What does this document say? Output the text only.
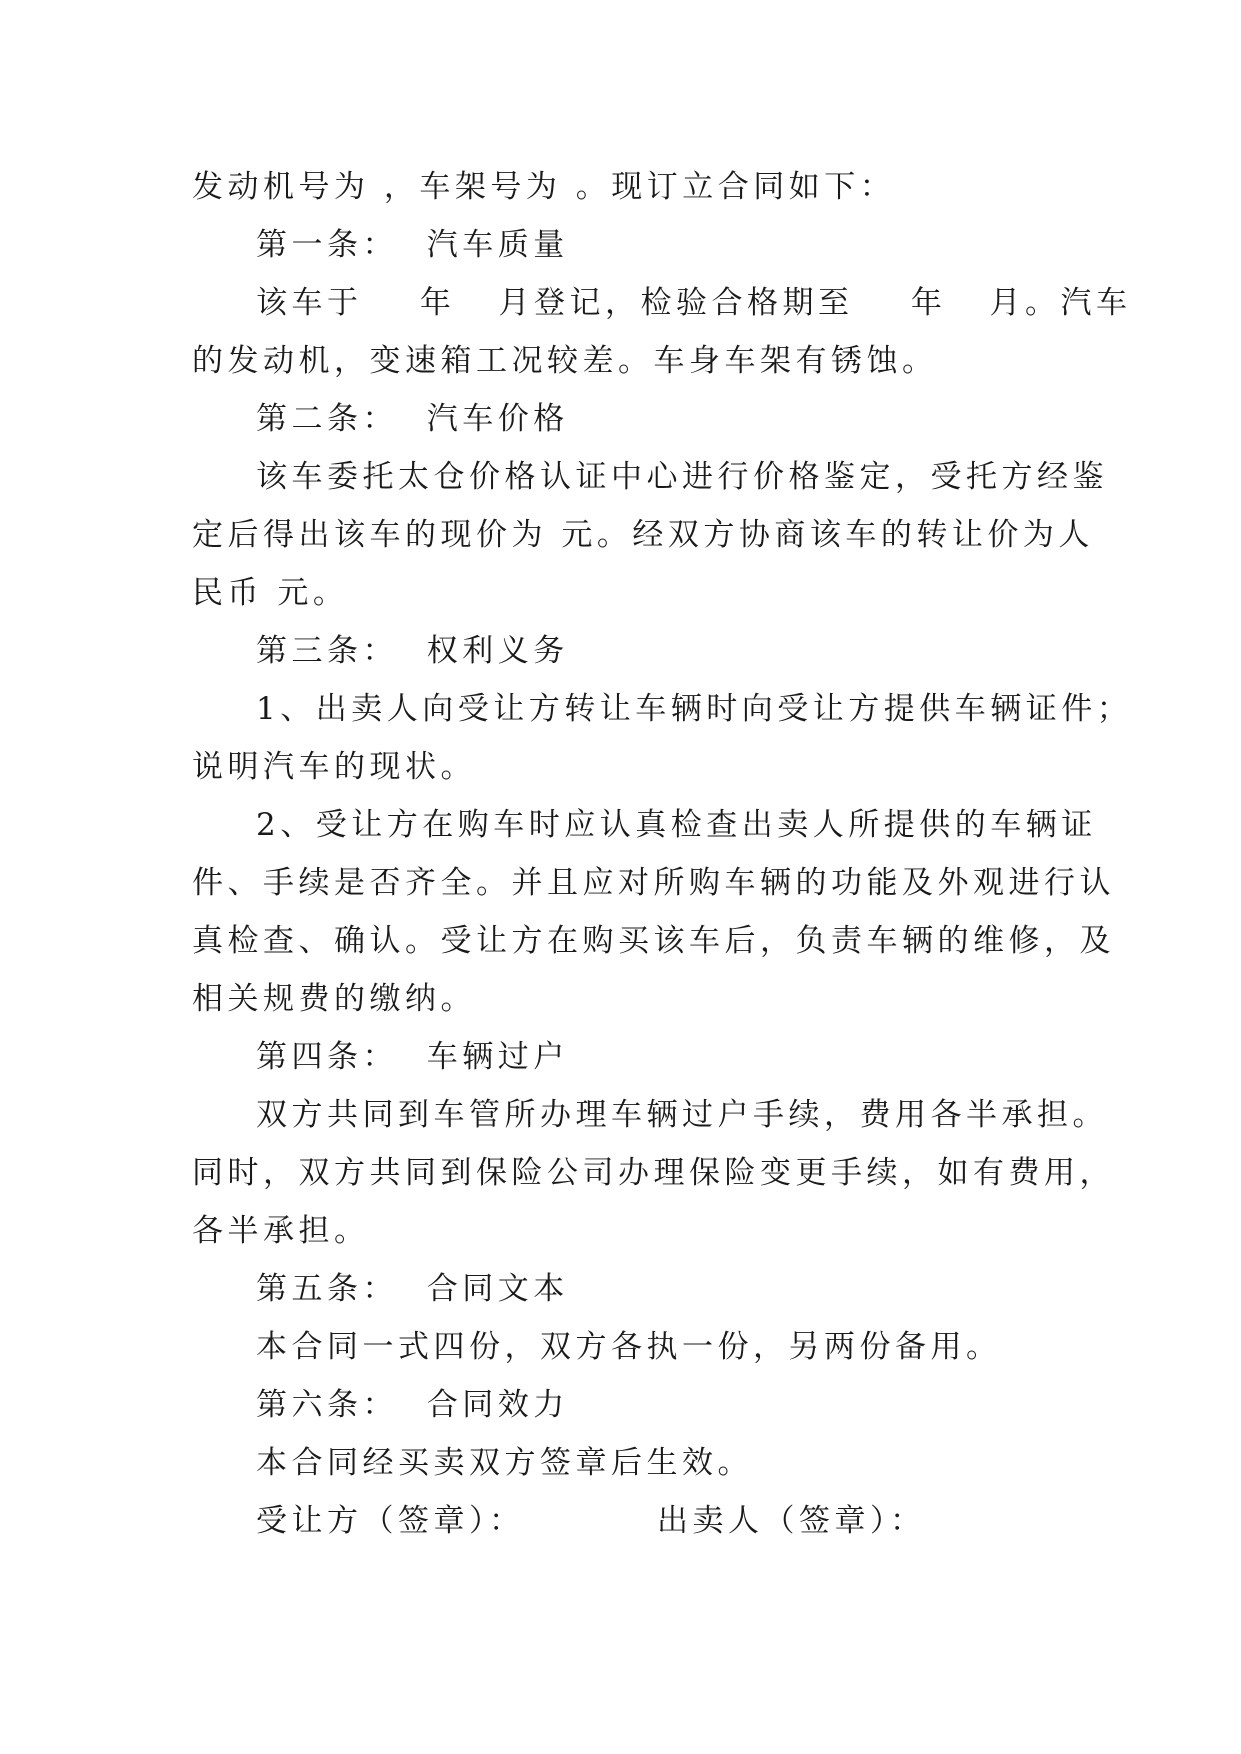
发动机号为 ，车架号为 。现订立合同如下：
第一条：  汽车质量
该车于    年   月登记，检验合格期至    年   月。汽车
的发动机，变速箱工况较差。车身车架有锈蚀。
第二条：  汽车价格
该车委托太仓价格认证中心进行价格鉴定，受托方经鉴
定后得出该车的现价为 元。经双方协商该车的转让价为人
民币 元。
第三条：  权利义务
1、出卖人向受让方转让车辆时向受让方提供车辆证件；
说明汽车的现状。
2、受让方在购车时应认真检查出卖人所提供的车辆证
件、手续是否齐全。并且应对所购车辆的功能及外观进行认
真检查、确认。受让方在购买该车后，负责车辆的维修，及
相关规费的缴纳。
第四条：  车辆过户
双方共同到车管所办理车辆过户手续，费用各半承担。
同时，双方共同到保险公司办理保险变更手续，如有费用，
各半承担。
第五条：  合同文本
本合同一式四份，双方各执一份，另两份备用。
第六条：  合同效力
本合同经买卖双方签章后生效。

受让方（签章）：

	出卖人（签章）：
